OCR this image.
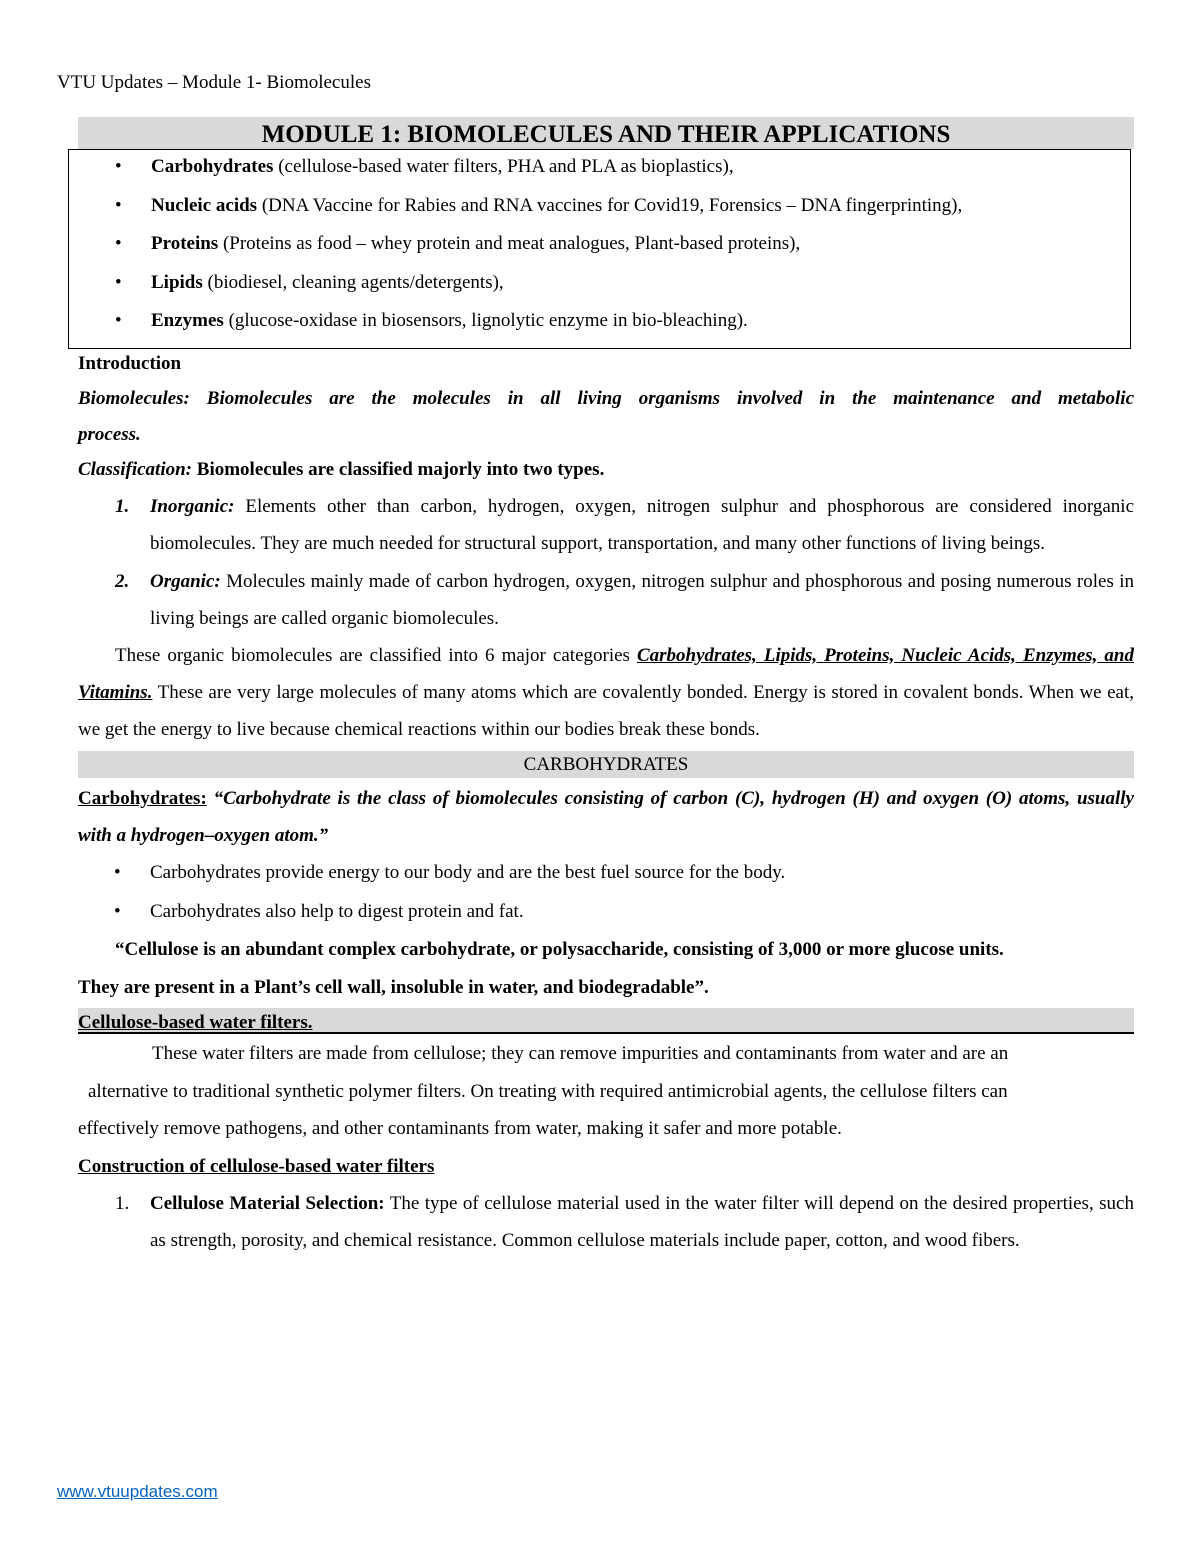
VTU Updates – Module 1- Biomolecules
MODULE 1: BIOMOLECULES AND THEIR APPLICATIONS
• Carbohydrates (cellulose-based water filters, PHA and PLA as bioplastics),
• Nucleic acids (DNA Vaccine for Rabies and RNA vaccines for Covid19, Forensics – DNA fingerprinting),
• Proteins (Proteins as food – whey protein and meat analogues, Plant-based proteins),
• Lipids (biodiesel, cleaning agents/detergents),
• Enzymes (glucose-oxidase in biosensors, lignolytic enzyme in bio-bleaching).
Introduction
Biomolecules: Biomolecules are the molecules in all living organisms involved in the maintenance and metabolic
process.
Classification: Biomolecules are classified majorly into two types.
1. Inorganic: Elements other than carbon, hydrogen, oxygen, nitrogen sulphur and phosphorous are considered inorganic biomolecules. They are much needed for structural support, transportation, and many other functions of living beings.
2. Organic: Molecules mainly made of carbon hydrogen, oxygen, nitrogen sulphur and phosphorous and posing numerous roles in living beings are called organic biomolecules.
These organic biomolecules are classified into 6 major categories Carbohydrates, Lipids, Proteins, Nucleic Acids, Enzymes, and Vitamins. These are very large molecules of many atoms which are covalently bonded. Energy is stored in covalent bonds. When we eat, we get the energy to live because chemical reactions within our bodies break these bonds.
CARBOHYDRATES
Carbohydrates: “Carbohydrate is the class of biomolecules consisting of carbon (C), hydrogen (H) and oxygen (O) atoms, usually with a hydrogen–oxygen atom.”
• Carbohydrates provide energy to our body and are the best fuel source for the body.
• Carbohydrates also help to digest protein and fat.
“Cellulose is an abundant complex carbohydrate, or polysaccharide, consisting of 3,000 or more glucose units.
They are present in a Plant’s cell wall, insoluble in water, and biodegradable”.
Cellulose-based water filters.
These water filters are made from cellulose; they can remove impurities and contaminants from water and are an
alternative to traditional synthetic polymer filters. On treating with required antimicrobial agents, the cellulose filters can
effectively remove pathogens, and other contaminants from water, making it safer and more potable.
Construction of cellulose-based water filters
1. Cellulose Material Selection: The type of cellulose material used in the water filter will depend on the desired properties, such as strength, porosity, and chemical resistance. Common cellulose materials include paper, cotton, and wood fibers.
www.vtuupdates.com
